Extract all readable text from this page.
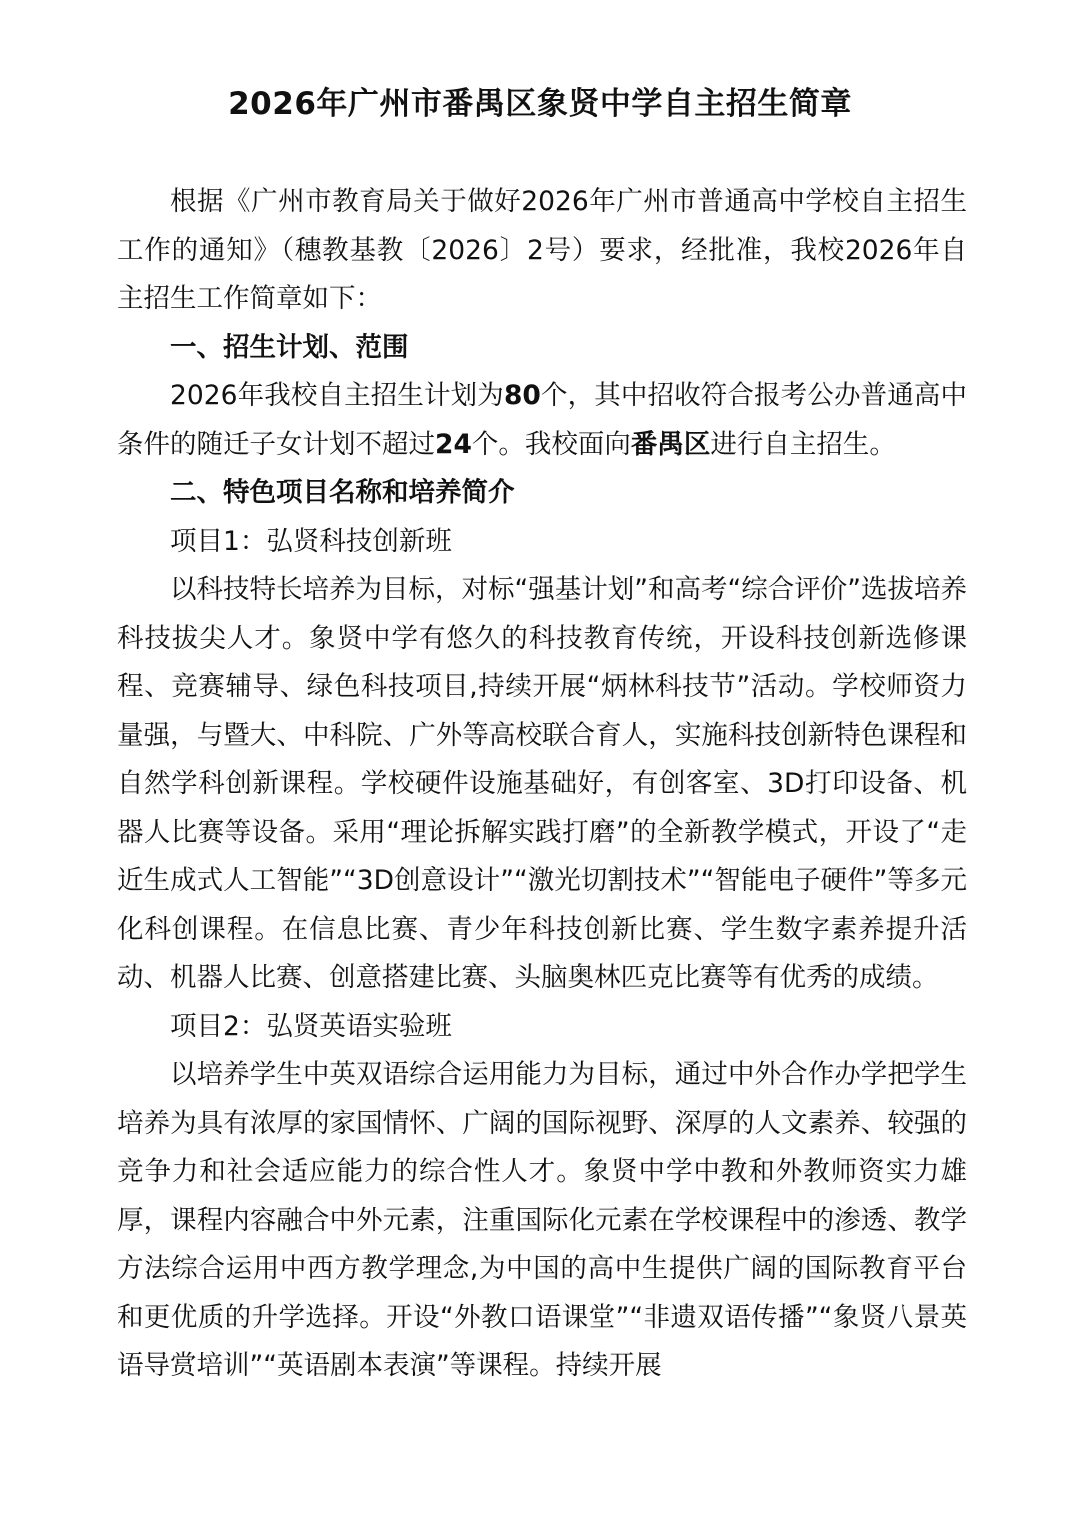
2026年广州市番禺区象贤中学自主招生简章

根据《广州市教育局关于做好2026年广州市普通高中学校自主招生工作的通知》（穗教基教〔2026〕2号）要求，经批准，我校2026年自主招生工作简章如下：

一、招生计划、范围

2026年我校自主招生计划为80个，其中招收符合报考公办普通高中条件的随迁子女计划不超过24个。我校面向番禺区进行自主招生。

二、特色项目名称和培养简介

项目1：弘贤科技创新班

以科技特长培养为目标，对标“强基计划”和高考“综合评价”选拔培养科技拔尖人才。象贤中学有悠久的科技教育传统，开设科技创新选修课程、竞赛辅导、绿色科技项目,持续开展“炳林科技节”活动。学校师资力量强，与暨大、中科院、广外等高校联合育人，实施科技创新特色课程和自然学科创新课程。学校硬件设施基础好，有创客室、3D打印设备、机器人比赛等设备。采用“理论拆解实践打磨”的全新教学模式，开设了“走近生成式人工智能”“3D创意设计”“激光切割技术”“智能电子硬件”等多元化科创课程。在信息比赛、青少年科技创新比赛、学生数字素养提升活动、机器人比赛、创意搭建比赛、头脑奥林匹克比赛等有优秀的成绩。

项目2：弘贤英语实验班

以培养学生中英双语综合运用能力为目标，通过中外合作办学把学生培养为具有浓厚的家国情怀、广阔的国际视野、深厚的人文素养、较强的竞争力和社会适应能力的综合性人才。象贤中学中教和外教师资实力雄厚，课程内容融合中外元素，注重国际化元素在学校课程中的渗透、教学方法综合运用中西方教学理念,为中国的高中生提供广阔的国际教育平台和更优质的升学选择。开设“外教口语课堂”“非遗双语传播”“象贤八景英语导赏培训”“英语剧本表演”等课程。持续开展
